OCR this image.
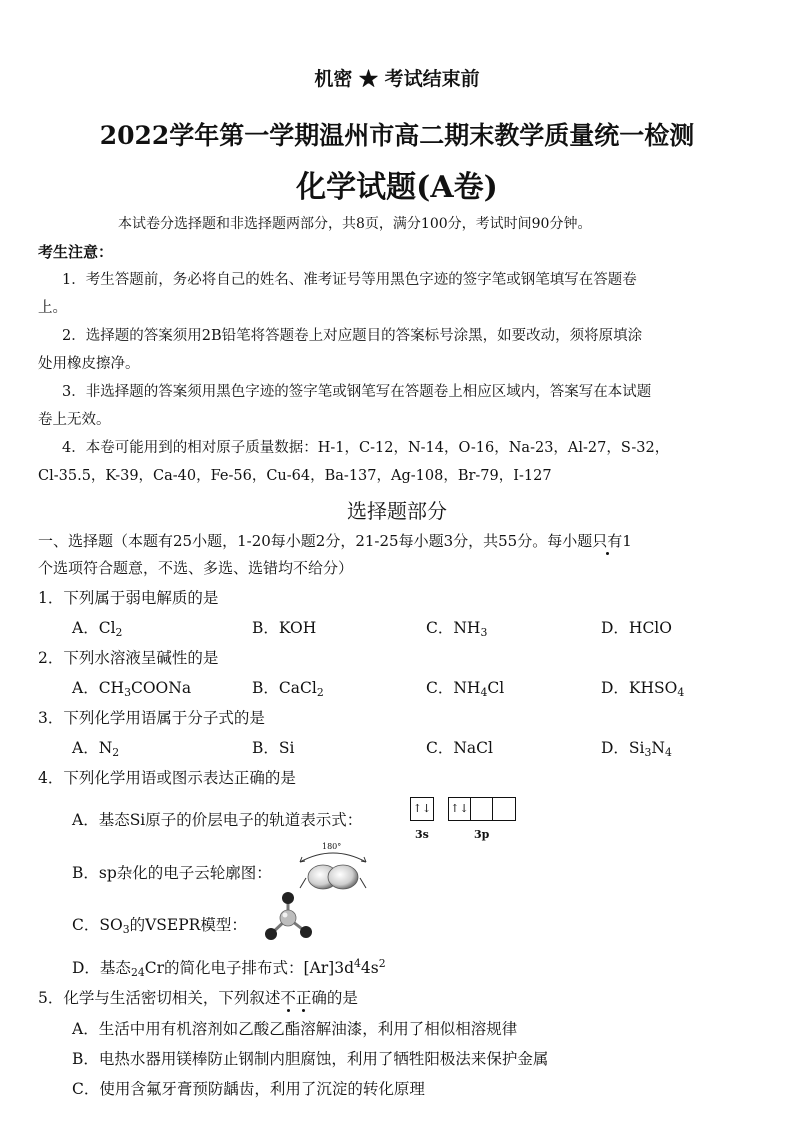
机密 ★ 考试结束前
2022学年第一学期温州市高二期末教学质量统一检测
化学试题(A卷)
本试卷分选择题和非选择题两部分，共8页，满分100分，考试时间90分钟。
考生注意：
1．考生答题前，务必将自己的姓名、准考证号等用黑色字迹的签字笔或钢笔填写在答题卷
上。
2．选择题的答案须用2B铅笔将答题卷上对应题目的答案标号涂黑，如要改动，须将原填涂
处用橡皮擦净。
3．非选择题的答案须用黑色字迹的签字笔或钢笔写在答题卷上相应区域内，答案写在本试题
卷上无效。
4．本卷可能用到的相对原子质量数据：H-1，C-12，N-14，O-16，Na-23，Al-27，S-32，
Cl-35.5，K-39，Ca-40，Fe-56，Cu-64，Ba-137，Ag-108，Br-79，I-127
选择题部分
一、选择题（本题有25小题，1-20每小题2分，21-25每小题3分，共55分。每小题只有1
个选项符合题意，不选、多选、选错均不给分）
1．下列属于弱电解质的是
A．$Cl_2$	B．KOH	C．$NH_3$	D．HClO
2．下列水溶液呈碱性的是
A．$CH_3COONa$	B．CaCl$_2$	C．$NH_4Cl$	D．$KHSO_4$
3．下列化学用语属于分子式的是
A．$N_2$	B．Si	C．NaCl	D．$Si_3N_4$
4．下列化学用语或图示表达正确的是
A．基态Si原子的价层电子的轨道表示式：
↑↓ ↑↓
3s	3p
B．sp杂化的电子云轮廓图：
180°
C．$SO_3$的VSEPR模型：
D．基态$_{24}$Cr的简化电子排布式：$[Ar]3d^44s^2$
5．化学与生活密切相关，下列叙述不正确的是
A．生活中用有机溶剂如乙酸乙酯溶解油漆，利用了相似相溶规律
B．电热水器用镁棒防止钢制内胆腐蚀，利用了牺牲阳极法来保护金属
C．使用含氟牙膏预防龋齿，利用了沉淀的转化原理
